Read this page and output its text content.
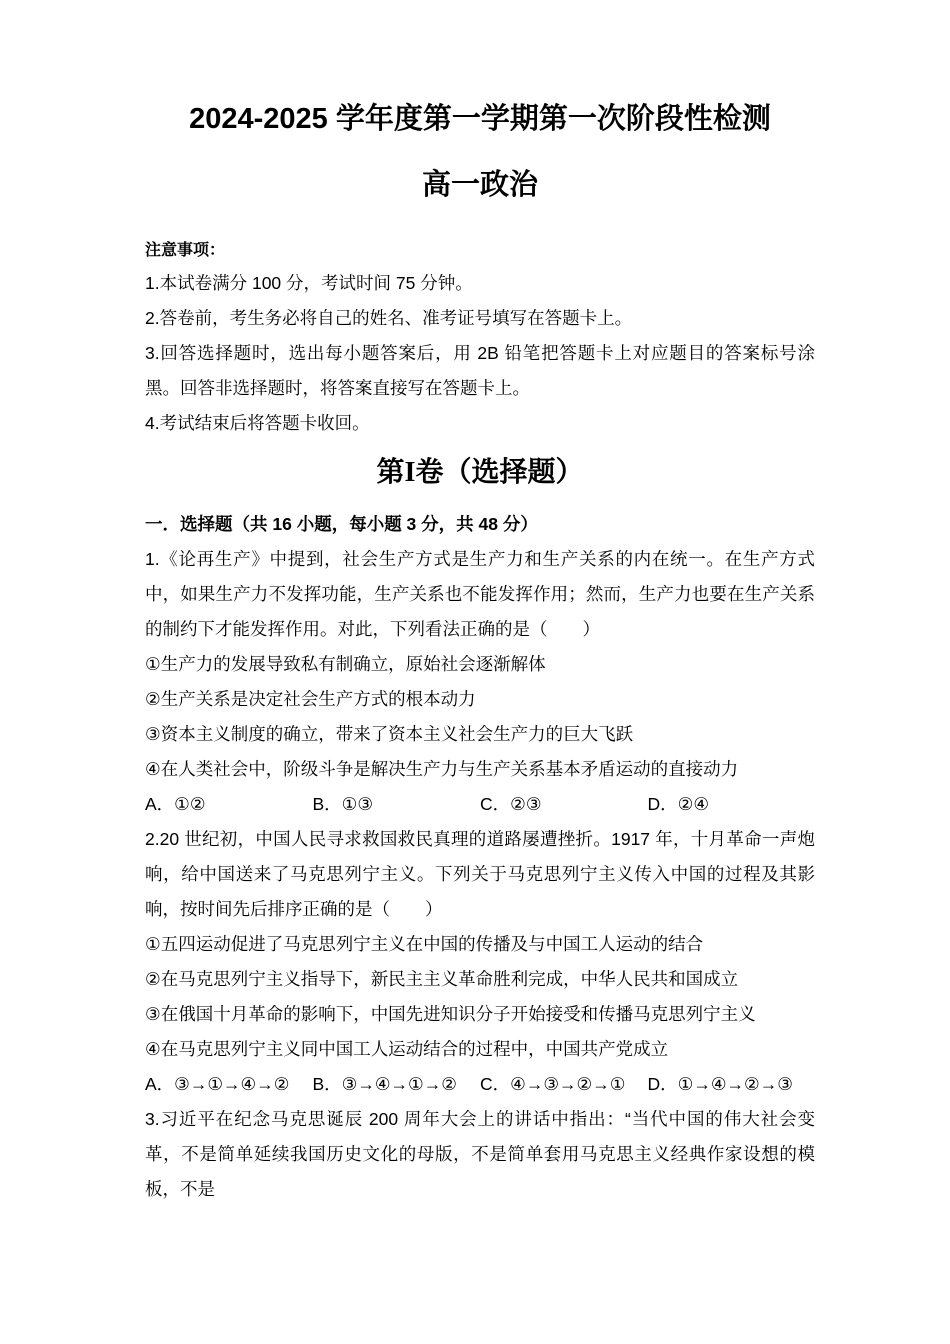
2024-2025 学年度第一学期第一次阶段性检测
高一政治

注意事项：

1.本试卷满分 100 分，考试时间 75 分钟。

2.答卷前，考生务必将自己的姓名、准考证号填写在答题卡上。

3.回答选择题时，选出每小题答案后，用 2B 铅笔把答题卡上对应题目的答案标号涂黑。回答非选择题时，将答案直接写在答题卡上。

4.考试结束后将答题卡收回。

第I卷（选择题）

一．选择题（共 16 小题，每小题 3 分，共 48 分）

1.《论再生产》中提到，社会生产方式是生产力和生产关系的内在统一。在生产方式中，如果生产力不发挥功能，生产关系也不能发挥作用；然而，生产力也要在生产关系的制约下才能发挥作用。对此，下列看法正确的是（　　）

①生产力的发展导致私有制确立，原始社会逐渐解体

②生产关系是决定社会生产方式的根本动力

③资本主义制度的确立，带来了资本主义社会生产力的巨大飞跃

④在人类社会中，阶级斗争是解决生产力与生产关系基本矛盾运动的直接动力

A．①②	B．①③	C．②③	D．②④

2.20 世纪初，中国人民寻求救国救民真理的道路屡遭挫折。1917 年，十月革命一声炮响，给中国送来了马克思列宁主义。下列关于马克思列宁主义传入中国的过程及其影响，按时间先后排序正确的是（　　）

①五四运动促进了马克思列宁主义在中国的传播及与中国工人运动的结合

②在马克思列宁主义指导下，新民主主义革命胜利完成，中华人民共和国成立

③在俄国十月革命的影响下，中国先进知识分子开始接受和传播马克思列宁主义

④在马克思列宁主义同中国工人运动结合的过程中，中国共产党成立

A．③→①→④→②	B．③→④→①→②	C．④→③→②→①	D．①→④→②→③

3.习近平在纪念马克思诞辰 200 周年大会上的讲话中指出：“当代中国的伟大社会变革，不是简单延续我国历史文化的母版，不是简单套用马克思主义经典作家设想的模板，不是
